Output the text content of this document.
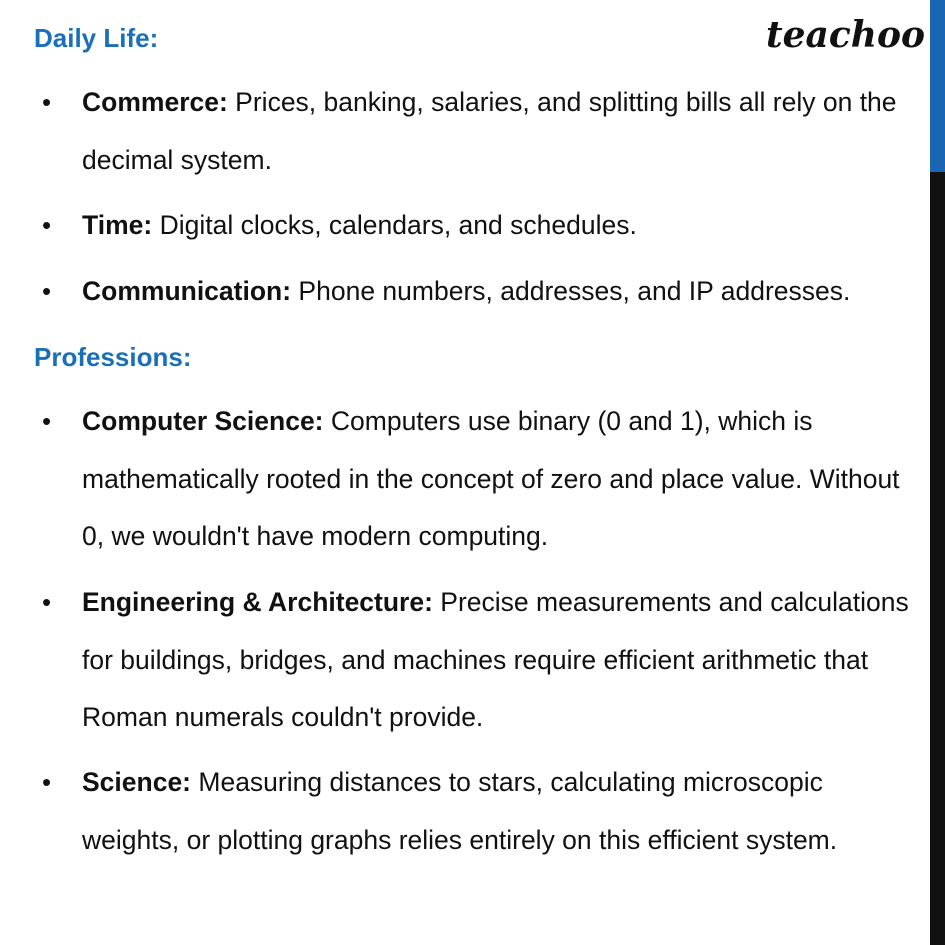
teachoo
Daily Life:
• Commerce: Prices, banking, salaries, and splitting bills all rely on the decimal system.

• Time: Digital clocks, calendars, and schedules.

• Communication: Phone numbers, addresses, and IP addresses.

Professions:
• Computer Science: Computers use binary (0 and 1), which is mathematically rooted in the concept of zero and place value. Without 0, we wouldn't have modern computing.

• Engineering & Architecture: Precise measurements and calculations for buildings, bridges, and machines require efficient arithmetic that Roman numerals couldn't provide.

• Science: Measuring distances to stars, calculating microscopic weights, or plotting graphs relies entirely on this efficient system.
